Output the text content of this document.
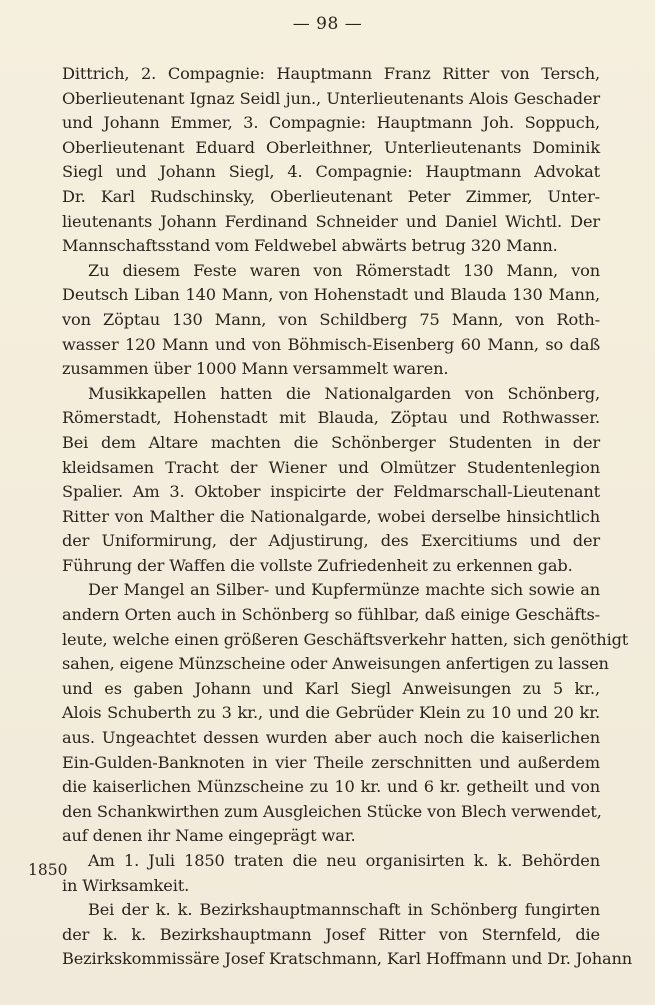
— 98 —
1850

Dittrich, 2. Compagnie: Hauptmann Franz Ritter von Tersch,
Oberlieutenant Ignaz Seidl jun., Unterlieutenants Alois Geschader
und Johann Emmer, 3. Compagnie: Hauptmann Joh. Soppuch,
Oberlieutenant Eduard Oberleithner, Unterlieutenants Dominik
Siegl und Johann Siegl, 4. Compagnie: Hauptmann Advokat
Dr. Karl Rudschinsky, Oberlieutenant Peter Zimmer, Unter-
lieutenants Johann Ferdinand Schneider und Daniel Wichtl. Der
Mannschaftsstand vom Feldwebel abwärts betrug 320 Mann.

Zu diesem Feste waren von Römerstadt 130 Mann, von
Deutsch Liban 140 Mann, von Hohenstadt und Blauda 130 Mann,
von Zöptau 130 Mann, von Schildberg 75 Mann, von Roth-
wasser 120 Mann und von Böhmisch-Eisenberg 60 Mann, so daß
zusammen über 1000 Mann versammelt waren.

Musikkapellen hatten die Nationalgarden von Schönberg,
Römerstadt, Hohenstadt mit Blauda, Zöptau und Rothwasser.
Bei dem Altare machten die Schönberger Studenten in der
kleidsamen Tracht der Wiener und Olmützer Studentenlegion
Spalier. Am 3. Oktober inspicirte der Feldmarschall-Lieutenant
Ritter von Malther die Nationalgarde, wobei derselbe hinsichtlich
der Uniformirung, der Adjustirung, des Exercitiums und der
Führung der Waffen die vollste Zufriedenheit zu erkennen gab.

Der Mangel an Silber- und Kupfermünze machte sich sowie an
andern Orten auch in Schönberg so fühlbar, daß einige Geschäfts-
leute, welche einen größeren Geschäftsverkehr hatten, sich genöthigt
sahen, eigene Münzscheine oder Anweisungen anfertigen zu lassen
und es gaben Johann und Karl Siegl Anweisungen zu 5 kr.,
Alois Schuberth zu 3 kr., und die Gebrüder Klein zu 10 und 20 kr.
aus. Ungeachtet dessen wurden aber auch noch die kaiserlichen
Ein-Gulden-Banknoten in vier Theile zerschnitten und außerdem
die kaiserlichen Münzscheine zu 10 kr. und 6 kr. getheilt und von
den Schankwirthen zum Ausgleichen Stücke von Blech verwendet,
auf denen ihr Name eingeprägt war.

Am 1. Juli 1850 traten die neu organisirten k. k. Behörden
in Wirksamkeit.

Bei der k. k. Bezirkshauptmannschaft in Schönberg fungirten
der k. k. Bezirkshauptmann Josef Ritter von Sternfeld, die
Bezirkskommissäre Josef Kratschmann, Karl Hoffmann und Dr. Johann
